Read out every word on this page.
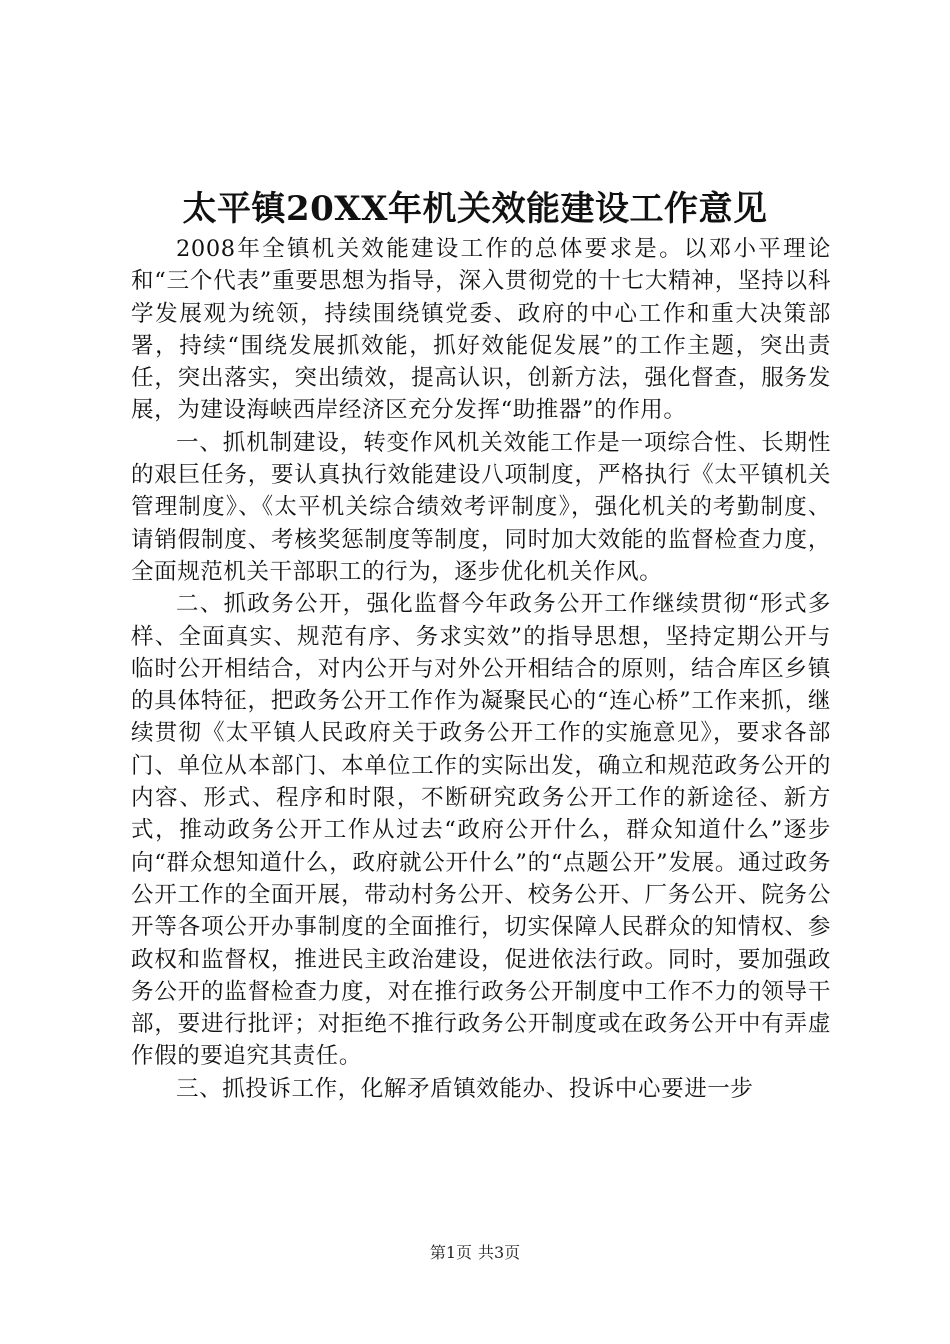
太平镇20XX年机关效能建设工作意见

2008年全镇机关效能建设工作的总体要求是。以邓小平理论和“三个代表”重要思想为指导，深入贯彻党的十七大精神，坚持以科学发展观为统领，持续围绕镇党委、政府的中心工作和重大决策部署，持续“围绕发展抓效能，抓好效能促发展”的工作主题，突出责任，突出落实，突出绩效，提高认识，创新方法，强化督查，服务发展，为建设海峡西岸经济区充分发挥“助推器”的作用。

一、抓机制建设，转变作风机关效能工作是一项综合性、长期性的艰巨任务，要认真执行效能建设八项制度，严格执行《太平镇机关管理制度》、《太平机关综合绩效考评制度》，强化机关的考勤制度、请销假制度、考核奖惩制度等制度，同时加大效能的监督检查力度，全面规范机关干部职工的行为，逐步优化机关作风。

二、抓政务公开，强化监督今年政务公开工作继续贯彻“形式多样、全面真实、规范有序、务求实效”的指导思想，坚持定期公开与临时公开相结合，对内公开与对外公开相结合的原则，结合库区乡镇的具体特征，把政务公开工作作为凝聚民心的“连心桥”工作来抓，继续贯彻《太平镇人民政府关于政务公开工作的实施意见》，要求各部门、单位从本部门、本单位工作的实际出发，确立和规范政务公开的内容、形式、程序和时限，不断研究政务公开工作的新途径、新方式，推动政务公开工作从过去“政府公开什么，群众知道什么”逐步向“群众想知道什么，政府就公开什么”的“点题公开”发展。通过政务公开工作的全面开展，带动村务公开、校务公开、厂务公开、院务公开等各项公开办事制度的全面推行，切实保障人民群众的知情权、参政权和监督权，推进民主政治建设，促进依法行政。同时，要加强政务公开的监督检查力度，对在推行政务公开制度中工作不力的领导干部，要进行批评；对拒绝不推行政务公开制度或在政务公开中有弄虚作假的要追究其责任。

三、抓投诉工作，化解矛盾镇效能办、投诉中心要进一步

第1页 共3页
